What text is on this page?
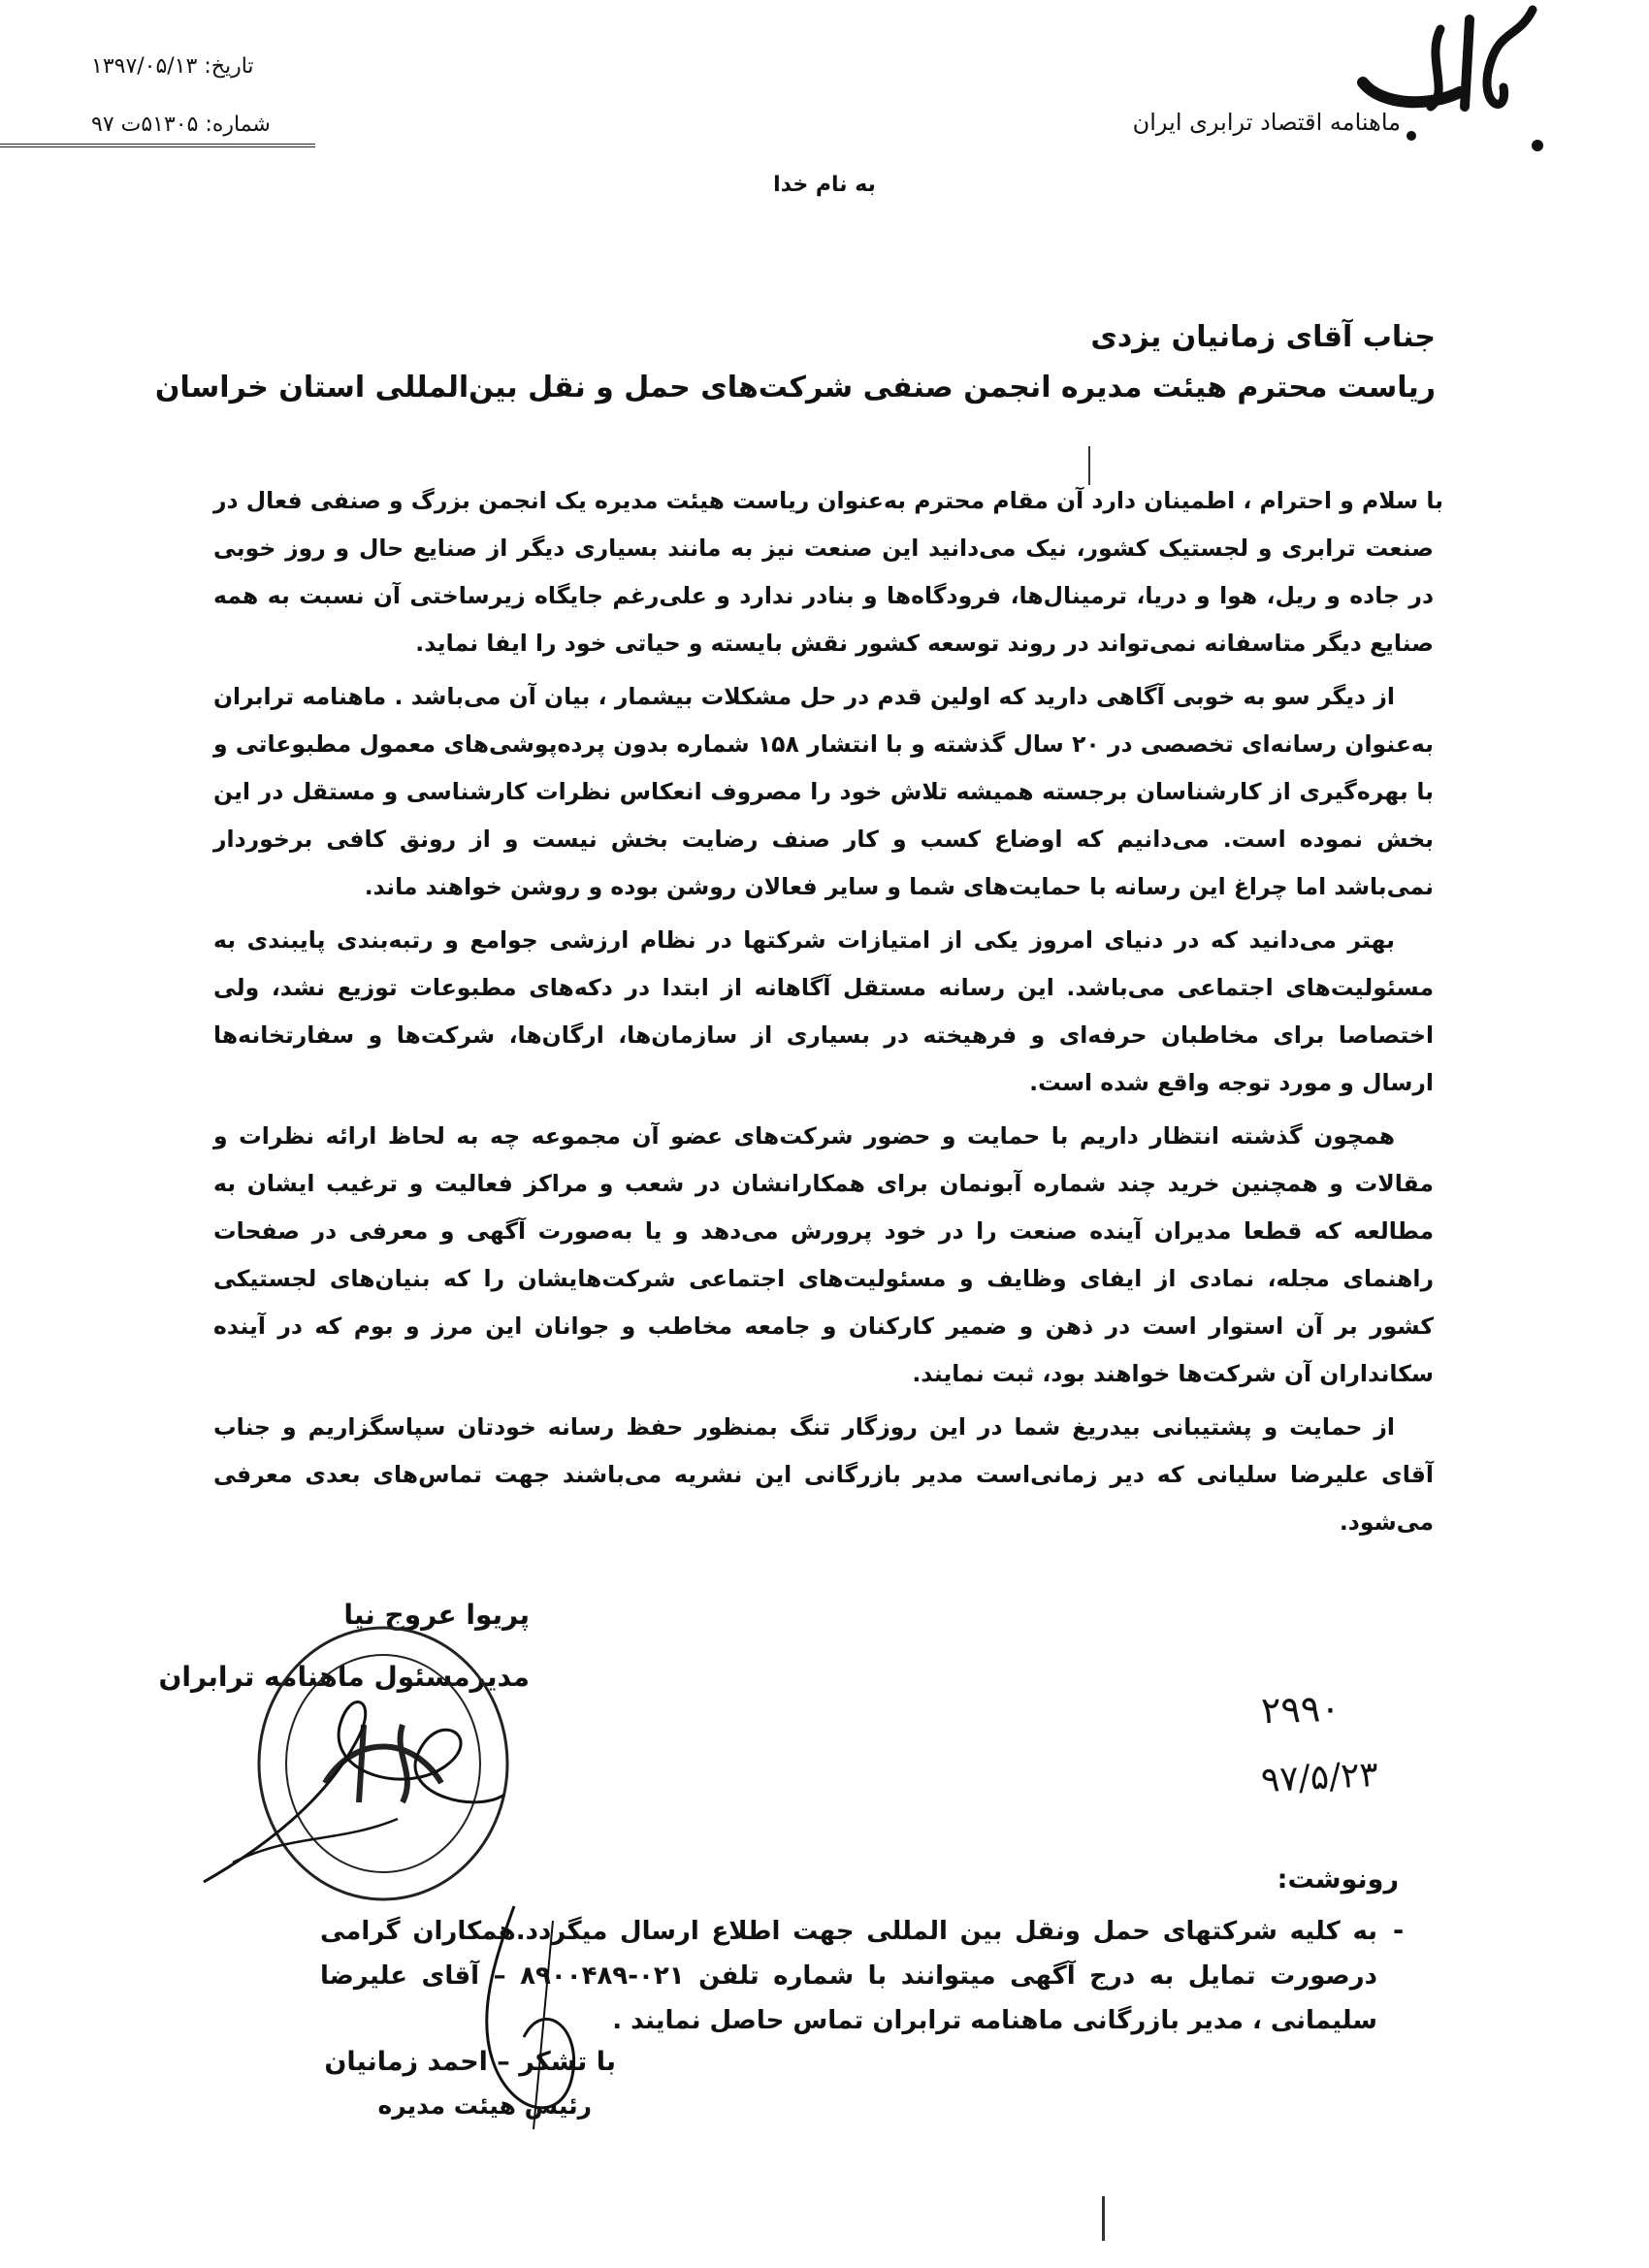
ماهنامه اقتصاد ترابری ایران
تاریخ: ۱۳۹۷/۰۵/۱۳
شماره: ۵۱۳۰۵ت ۹۷
به نام خدا
جناب آقای زمانیان یزدی
ریاست محترم هیئت مدیره انجمن صنفی شرکت‌های حمل و نقل بین‌المللی استان خراسان

با سلام و احترام ، اطمینان دارد آن مقام محترم به‌عنوان ریاست هیئت مدیره یک انجمن بزرگ و صنفی فعال در صنعت ترابری و لجستیک کشور، نیک می‌دانید این صنعت نیز به مانند بسیاری دیگر از صنایع حال و روز خوبی در جاده و ریل، هوا و دریا، ترمینال‌ها، فرودگاه‌ها و بنادر ندارد و علی‌رغم جایگاه زیرساختی آن نسبت به همه صنایع دیگر متاسفانه نمی‌تواند در روند توسعه کشور نقش بایسته و حیاتی خود را ایفا نماید.

از دیگر سو به خوبی آگاهی دارید که اولین قدم در حل مشکلات بیشمار ، بیان آن می‌باشد . ماهنامه ترابران به‌عنوان رسانه‌ای تخصصی در ۲۰ سال گذشته و با انتشار ۱۵۸ شماره بدون پرده‌پوشی‌های معمول مطبوعاتی و با بهره‌گیری از کارشناسان برجسته همیشه تلاش خود را مصروف انعکاس نظرات کارشناسی و مستقل در این بخش نموده است. می‌دانیم که اوضاع کسب و کار صنف رضایت بخش نیست و از رونق کافی برخوردار نمی‌باشد اما چراغ این رسانه با حمایت‌های شما و سایر فعالان روشن بوده و روشن خواهند ماند.

بهتر می‌دانید که در دنیای امروز یکی از امتیازات شرکتها در نظام ارزشی جوامع و رتبه‌بندی پایبندی به مسئولیت‌های اجتماعی می‌باشد. این رسانه مستقل آگاهانه از ابتدا در دکه‌های مطبوعات توزیع نشد، ولی اختصاصا برای مخاطبان حرفه‌ای و فرهیخته در بسیاری از سازمان‌ها، ارگان‌ها، شرکت‌ها و سفارتخانه‌ها ارسال و مورد توجه واقع شده است.

همچون گذشته انتظار داریم با حمایت و حضور شرکت‌های عضو آن مجموعه چه به لحاظ ارائه نظرات و مقالات و همچنین خرید چند شماره آبونمان برای همکارانشان در شعب و مراکز فعالیت و ترغیب ایشان به مطالعه که قطعا مدیران آینده صنعت را در خود پرورش می‌دهد و یا به‌صورت آگهی و معرفی در صفحات راهنمای مجله، نمادی از ایفای وظایف و مسئولیت‌های اجتماعی شرکت‌هایشان را که بنیان‌های لجستیکی کشور بر آن استوار است در ذهن و ضمیر کارکنان و جامعه مخاطب و جوانان این مرز و بوم که در آینده سکانداران آن شرکت‌ها خواهند بود، ثبت نمایند.

از حمایت و پشتیبانی بیدریغ شما در این روزگار تنگ بمنظور حفظ رسانه خودتان سپاسگزاریم و جناب آقای علیرضا سلیانی که دیر زمانی‌است مدیر بازرگانی این نشریه می‌باشند جهت تماس‌های بعدی معرفی می‌شود.

پریوا عروج نیا
مدیرمسئول ماهنامه ترابران
۲۹۹۰
۹۷/۵/۲۳
رونوشت:
-
به کلیه شرکتهای حمل ونقل بین المللی جهت اطلاع ارسال میگردد.همکاران گرامی درصورت تمایل به درج آگهی میتوانند با شماره تلفن ۰۲۱-۸۹۰۰۴۸۹ – آقای علیرضا سلیمانی ، مدیر بازرگانی ماهنامه ترابران تماس حاصل نمایند .
با تشکر – احمد زمانیان
رئیس هیئت مدیره
